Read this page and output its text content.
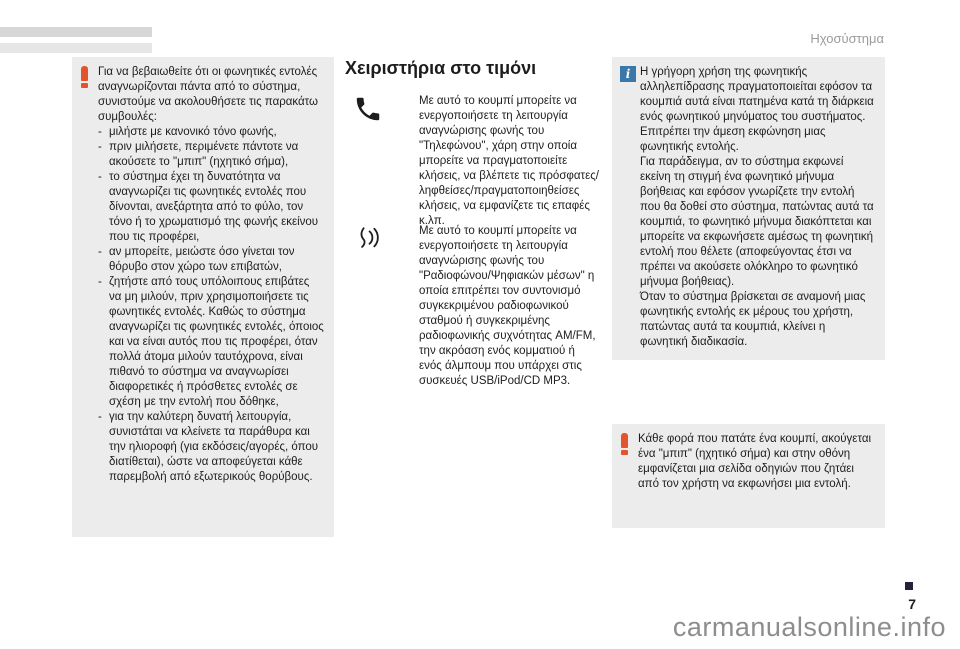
Ηχοσύστημα

Για να βεβαιωθείτε ότι οι φωνητικές εντολές αναγνωρίζονται πάντα από το σύστημα, συνιστούμε να ακολουθήσετε τις παρακάτω συμβουλές:

- μιλήστε με κανονικό τόνο φωνής,
- πριν μιλήσετε, περιμένετε πάντοτε να ακούσετε το "μπιπ" (ηχητικό σήμα),
- το σύστημα έχει τη δυνατότητα να αναγνωρίζει τις φωνητικές εντολές που δίνονται, ανεξάρτητα από το φύλο, τον τόνο ή το χρωματισμό της φωνής εκείνου που τις προφέρει,
- αν μπορείτε, μειώστε όσο γίνεται τον θόρυβο στον χώρο των επιβατών,
- ζητήστε από τους υπόλοιπους επιβάτες να μη μιλούν, πριν χρησιμοποιήσετε τις φωνητικές εντολές. Καθώς το σύστημα αναγνωρίζει τις φωνητικές εντολές, όποιος και να είναι αυτός που τις προφέρει, όταν πολλά άτομα μιλούν ταυτόχρονα, είναι πιθανό το σύστημα να αναγνωρίσει διαφορετικές ή πρόσθετες εντολές σε σχέση με την εντολή που δόθηκε,
- για την καλύτερη δυνατή λειτουργία, συνιστάται να κλείνετε τα παράθυρα και την ηλιοροφή (για εκδόσεις/αγορές, όπου διατίθεται), ώστε να αποφεύγεται κάθε παρεμβολή από εξωτερικούς θορύβους.
Χειριστήρια στο τιμόνι

Με αυτό το κουμπί μπορείτε να ενεργοποιήσετε τη λειτουργία αναγνώρισης φωνής του "Τηλεφώνου", χάρη στην οποία μπορείτε να πραγματοποιείτε κλήσεις, να βλέπετε τις πρόσφατες/ληφθείσες/πραγματοποιηθείσες κλήσεις, να εμφανίζετε τις επαφές κ.λπ.

Με αυτό το κουμπί μπορείτε να ενεργοποιήσετε τη λειτουργία αναγνώρισης φωνής του "Ραδιοφώνου/Ψηφιακών μέσων" η οποία επιτρέπει τον συντονισμό συγκεκριμένου ραδιοφωνικού σταθμού ή συγκεκριμένης ραδιοφωνικής συχνότητας AM/FM, την ακρόαση ενός κομματιού ή ενός άλμπουμ που υπάρχει στις συσκευές USB/iPod/CD MP3.

i Η γρήγορη χρήση της φωνητικής αλληλεπίδρασης πραγματοποιείται εφόσον τα κουμπιά αυτά είναι πατημένα κατά τη διάρκεια ενός φωνητικού μηνύματος του συστήματος. Επιτρέπει την άμεση εκφώνηση μιας φωνητικής εντολής.

Για παράδειγμα, αν το σύστημα εκφωνεί εκείνη τη στιγμή ένα φωνητικό μήνυμα βοήθειας και εφόσον γνωρίζετε την εντολή που θα δοθεί στο σύστημα, πατώντας αυτά τα κουμπιά, το φωνητικό μήνυμα διακόπτεται και μπορείτε να εκφωνήσετε αμέσως τη φωνητική εντολή που θέλετε (αποφεύγοντας έτσι να πρέπει να ακούσετε ολόκληρο το φωνητικό μήνυμα βοήθειας).

Όταν το σύστημα βρίσκεται σε αναμονή μιας φωνητικής εντολής εκ μέρους του χρήστη, πατώντας αυτά τα κουμπιά, κλείνει η φωνητική διαδικασία.

Κάθε φορά που πατάτε ένα κουμπί, ακούγεται ένα "μπιπ" (ηχητικό σήμα) και στην οθόνη εμφανίζεται μια σελίδα οδηγιών που ζητάει από τον χρήστη να εκφωνήσει μια εντολή.

7
carmanualsonline.info
